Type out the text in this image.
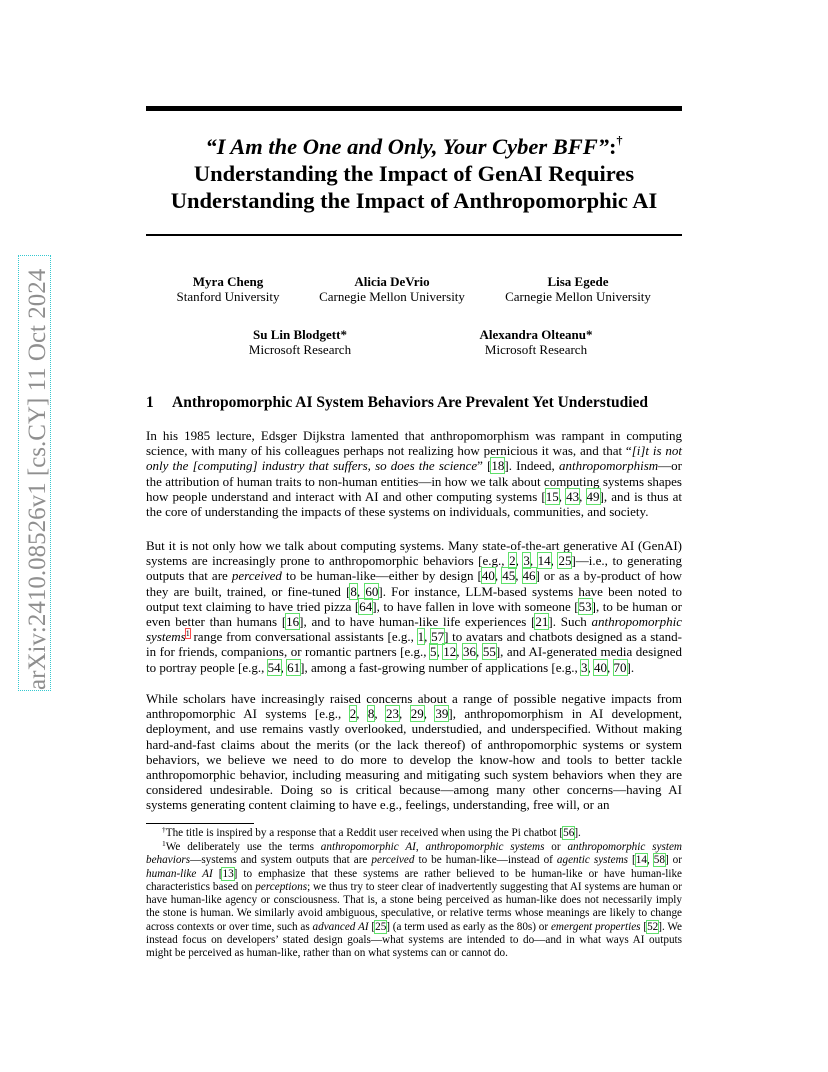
arXiv:2410.08526v1 [cs.CY] 11 Oct 2024
“I Am the One and Only, Your Cyber BFF”:†
Understanding the Impact of GenAI Requires
Understanding the Impact of Anthropomorphic AI
Myra Cheng
Stanford University
Alicia DeVrio
Carnegie Mellon University
Lisa Egede
Carnegie Mellon University
Su Lin Blodgett*
Microsoft Research
Alexandra Olteanu*
Microsoft Research
1 Anthropomorphic AI System Behaviors Are Prevalent Yet Understudied

In his 1985 lecture, Edsger Dijkstra lamented that anthropomorphism was rampant in computing science, with many of his colleagues perhaps not realizing how pernicious it was, and that “[i]t is not only the [computing] industry that suffers, so does the science” [18]. Indeed, anthropomorphism—or the attribution of human traits to non-human entities—in how we talk about computing systems shapes how people understand and interact with AI and other computing systems [15, 43, 49], and is thus at the core of understanding the impacts of these systems on individuals, communities, and society.

But it is not only how we talk about computing systems. Many state-of-the-art generative AI (GenAI) systems are increasingly prone to anthropomorphic behaviors [e.g., 2, 3, 14, 25]—i.e., to generating outputs that are perceived to be human-like—either by design [40, 45, 46] or as a by-product of how they are built, trained, or fine-tuned [8, 60]. For instance, LLM-based systems have been noted to output text claiming to have tried pizza [64], to have fallen in love with someone [53], to be human or even better than humans [16], and to have human-like life experiences [21]. Such anthropomorphic systems$^1$ range from conversational assistants [e.g., 1, 57] to avatars and chatbots designed as a stand-in for friends, companions, or romantic partners [e.g., 5, 12, 36, 55], and AI-generated media designed to portray people [e.g., 54, 61], among a fast-growing number of applications [e.g., 3, 40, 70].

While scholars have increasingly raised concerns about a range of possible negative impacts from anthropomorphic AI systems [e.g., 2, 8, 23, 29, 39], anthropomorphism in AI development, deployment, and use remains vastly overlooked, understudied, and underspecified. Without making hard-and-fast claims about the merits (or the lack thereof) of anthropomorphic systems or system behaviors, we believe we need to do more to develop the know-how and tools to better tackle anthropomorphic behavior, including measuring and mitigating such system behaviors when they are considered undesirable. Doing so is critical because—among many other concerns—having AI systems generating content claiming to have e.g., feelings, understanding, free will, or an

†The title is inspired by a response that a Reddit user received when using the Pi chatbot [56].
$^1$We deliberately use the terms anthropomorphic AI, anthropomorphic systems or anthropomorphic system behaviors—systems and system outputs that are perceived to be human-like—instead of agentic systems [14, 58] or human-like AI [13] to emphasize that these systems are rather believed to be human-like or have human-like characteristics based on perceptions; we thus try to steer clear of inadvertently suggesting that AI systems are human or have human-like agency or consciousness. That is, a stone being perceived as human-like does not necessarily imply the stone is human. We similarly avoid ambiguous, speculative, or relative terms whose meanings are likely to change across contexts or over time, such as advanced AI [25] (a term used as early as the 80s) or emergent properties [52]. We instead focus on developers’ stated design goals—what systems are intended to do—and in what ways AI outputs might be perceived as human-like, rather than on what systems can or cannot do.
